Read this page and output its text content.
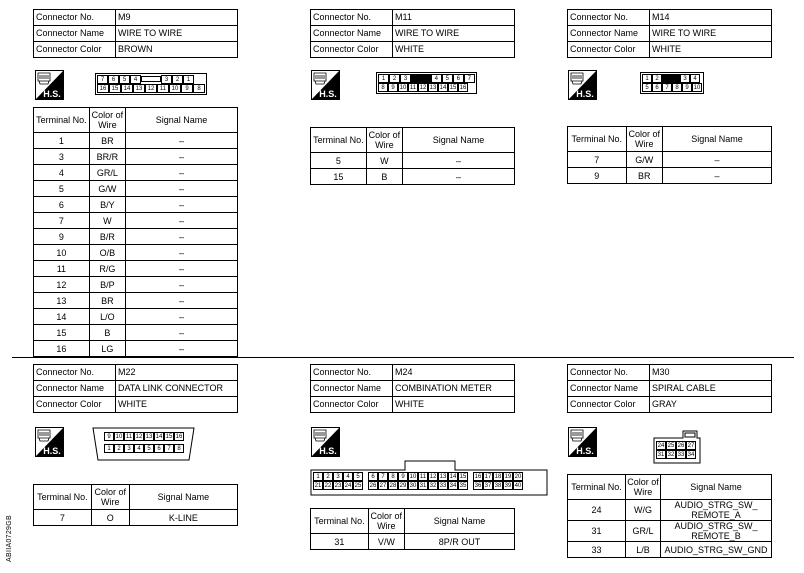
Connector No.	M9
Connector Name	WIRE TO WIRE
Connector Color	BROWN
H.S.
7	6	5	4	3	2	1
16 15 14 13 12 11 10	9	8
Terminal No.	Color of Wire	Signal Name
1	BR	–
3	BR/R	–
4	GR/L	–
5	G/W	–
6	B/Y	–
7	W	–
9	B/R	–
10	O/B	–
11	R/G	–
12	B/P	–
13	BR	–
14	L/O	–
15	B	–
16	LG	–
Connector No.	M11
Connector Name	WIRE TO WIRE
Connector Color	WHITE
H.S.
1	2	3	4	5	6	7
8	9 10 11 12 13 14 15 16
Terminal No.	Color of Wire	Signal Name
5	W	–
15	B	–
Connector No.	M14
Connector Name	WIRE TO WIRE
Connector Color	WHITE
H.S.
1	2	3	4
5	6	7	8	9 10
Terminal No.	Color of Wire	Signal Name
7	G/W	–
9	BR	–
Connector No.	M22
Connector Name	DATA LINK CONNECTOR
Connector Color	WHITE
H.S.
9 10 11 12 13 14 15 16
1	2	3	4	5	6	7	8
Terminal No.	Color of Wire	Signal Name
7	O	K-LINE
Connector No.	M24
Connector Name	COMBINATION METER
Connector Color	WHITE
H.S.
1	2	3	4	5	6	7	8	9 10 11 12 13 14 15 16 17 18 19 20
21 22 23 24 25 26 27 28 29 30 31 32 33 34 35 36 37 38 39 40
Terminal No.	Color of Wire	Signal Name
31	V/W	8P/R OUT
Connector No.	M30
Connector Name	SPIRAL CABLE
Connector Color	GRAY
H.S.	24 25 26 27
31 32 33 34
Terminal No.	Color of Wire	Signal Name
24	W/G	AUDIO_STRG_SW_ REMOTE_A
31	GR/L	AUDIO_STRG_SW_ REMOTE_B
33	L/B	AUDIO_STRG_SW_GND
ABIIA0729GB
